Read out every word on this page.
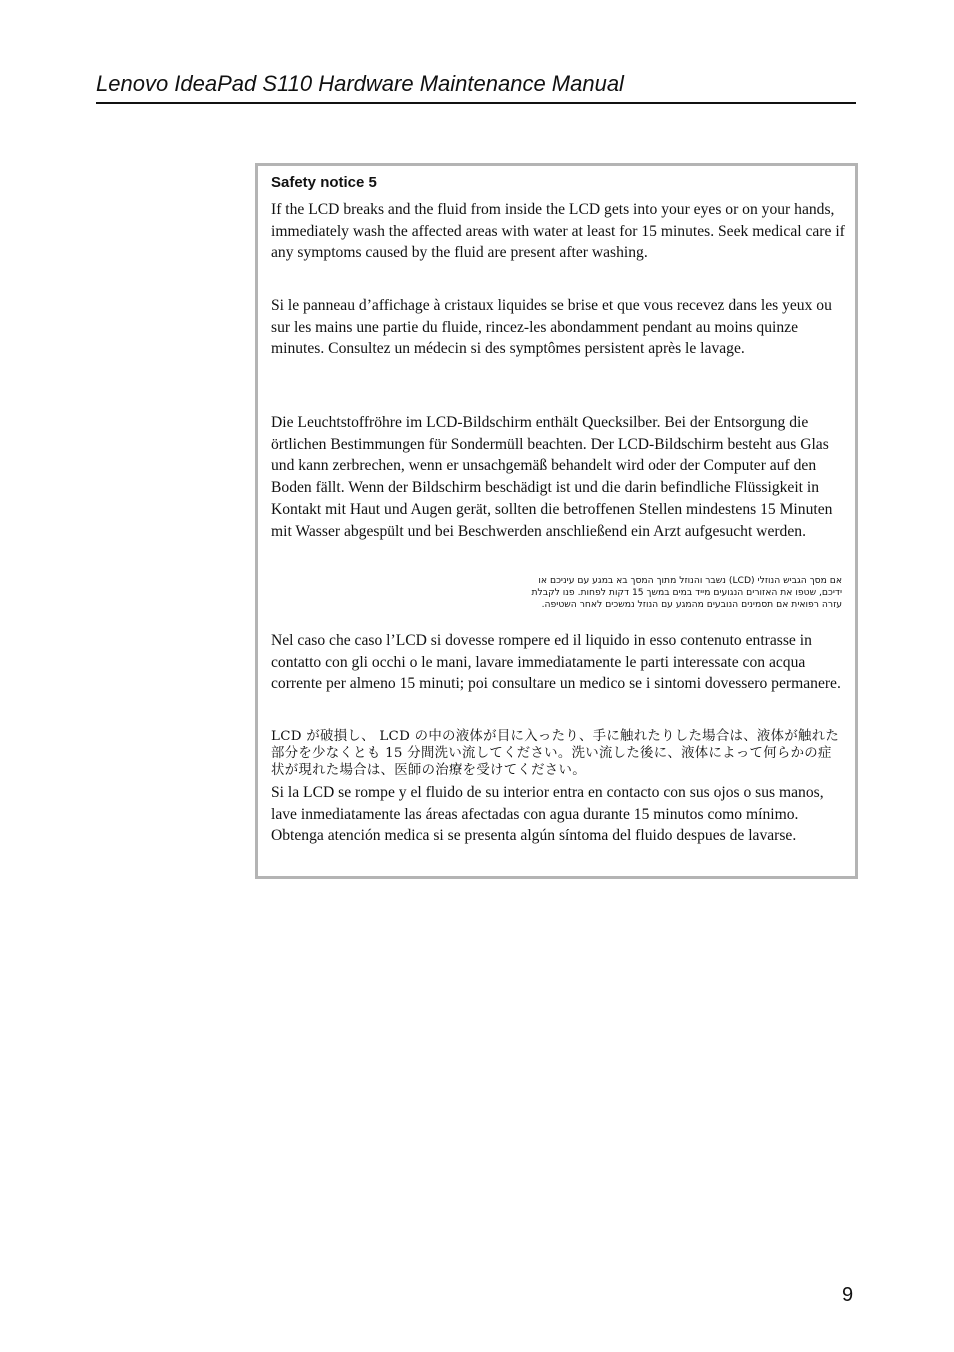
Lenovo IdeaPad S110 Hardware Maintenance Manual
Safety notice 5

If the LCD breaks and the fluid from inside the LCD gets into your eyes or on your hands, immediately wash the affected areas with water at least for 15 minutes. Seek medical care if any symptoms caused by the fluid are present after washing.

Si le panneau d’affichage à cristaux liquides se brise et que vous recevez dans les yeux ou sur les mains une partie du fluide, rincez-les abondamment pendant au moins quinze minutes. Consultez un médecin si des symptômes persistent après le lavage.

Die Leuchtstoffröhre im LCD-Bildschirm enthält Quecksilber. Bei der Entsorgung die örtlichen Bestimmungen für Sondermüll beachten. Der LCD-Bildschirm besteht aus Glas und kann zerbrechen, wenn er unsachgemäß behandelt wird oder der Computer auf den Boden fällt. Wenn der Bildschirm beschädigt ist und die darin befindliche Flüssigkeit in Kontakt mit Haut und Augen gerät, sollten die betroffenen Stellen mindestens 15 Minuten mit Wasser abgespült und bei Beschwerden anschließend ein Arzt aufgesucht werden.

אם מסך הגביש הנוזלי (LCD) נשבר והנוזל מתוך המסך בא במגע עם עיניכם או ידיכם, שטפו את האזורים הנגועים מייד במים במשך 15 דקות לפחות. פנו לקבלת עזרה רפואית אם תסמינים הנובעים מהמגע עם הנוזל נמשכים לאחר השטיפה.

Nel caso che caso l’LCD si dovesse rompere ed il liquido in esso contenuto entrasse in contatto con gli occhi o le mani, lavare immediatamente le parti interessate con acqua corrente per almeno 15 minuti; poi consultare un medico se i sintomi dovessero permanere.

LCD が破損し、 LCD の中の液体が目に入ったり、手に触れたりした場合は、液体が触れた部分を少なくとも 15 分間洗い流してください。洗い流した後に、液体によって何らかの症状が現れた場合は、医師の治療を受けてください。

Si la LCD se rompe y el fluido de su interior entra en contacto con sus ojos o sus manos, lave inmediatamente las áreas afectadas con agua durante 15 minutos como mínimo. Obtenga atención medica si se presenta algún síntoma del fluido despues de lavarse.

9
